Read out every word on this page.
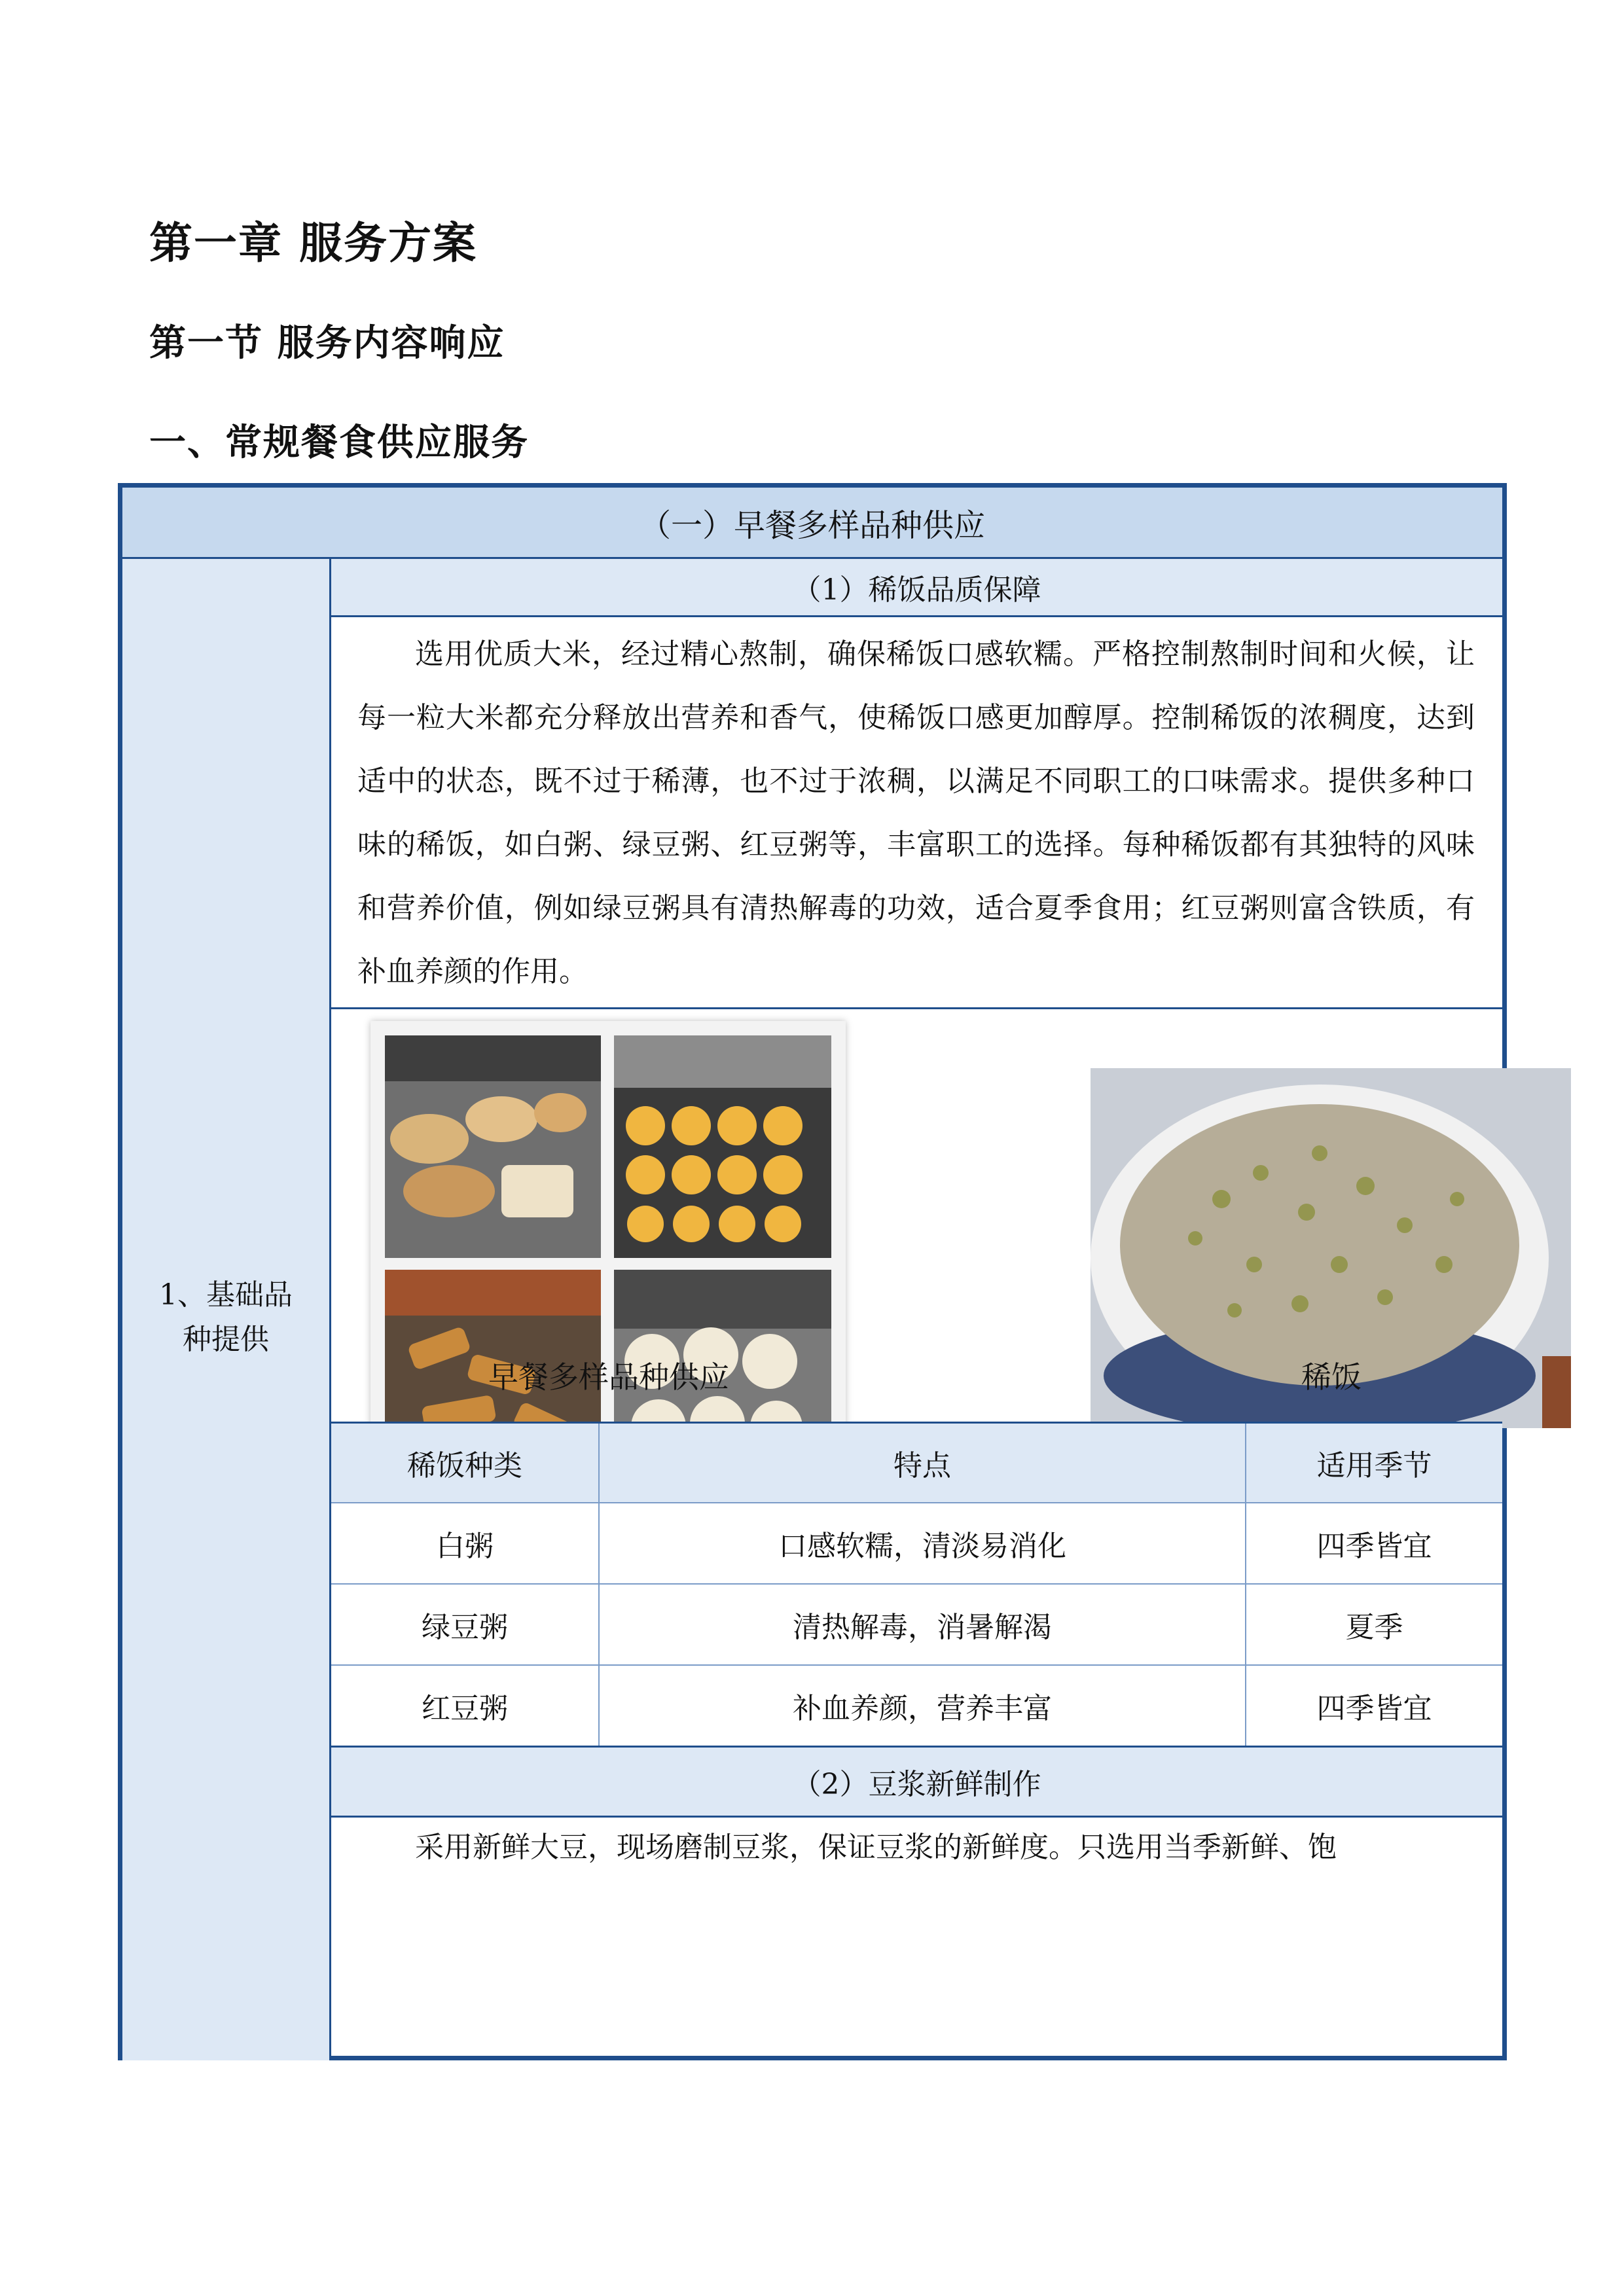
第一章 服务方案
第一节 服务内容响应
一、常规餐食供应服务
（一）早餐多样品种供应
1、基础品
种提供
（1）稀饭品质保障
选用优质大米，经过精心熬制，确保稀饭口感软糯。严格控制熬制时间和火候，让每一粒大米都充分释放出营养和香气，使稀饭口感更加醇厚。控制稀饭的浓稠度，达到适中的状态，既不过于稀薄，也不过于浓稠，以满足不同职工的口味需求。提供多种口味的稀饭，如白粥、绿豆粥、红豆粥等，丰富职工的选择。每种稀饭都有其独特的风味和营养价值，例如绿豆粥具有清热解毒的功效，适合夏季食用；红豆粥则富含铁质，有补血养颜的作用。
早餐多样品种供应	稀饭
稀饭种类	特点	适用季节
白粥	口感软糯，清淡易消化	四季皆宜
绿豆粥	清热解毒，消暑解渴	夏季
红豆粥	补血养颜，营养丰富	四季皆宜
（2）豆浆新鲜制作
采用新鲜大豆，现场磨制豆浆，保证豆浆的新鲜度。只选用当季新鲜、饱
